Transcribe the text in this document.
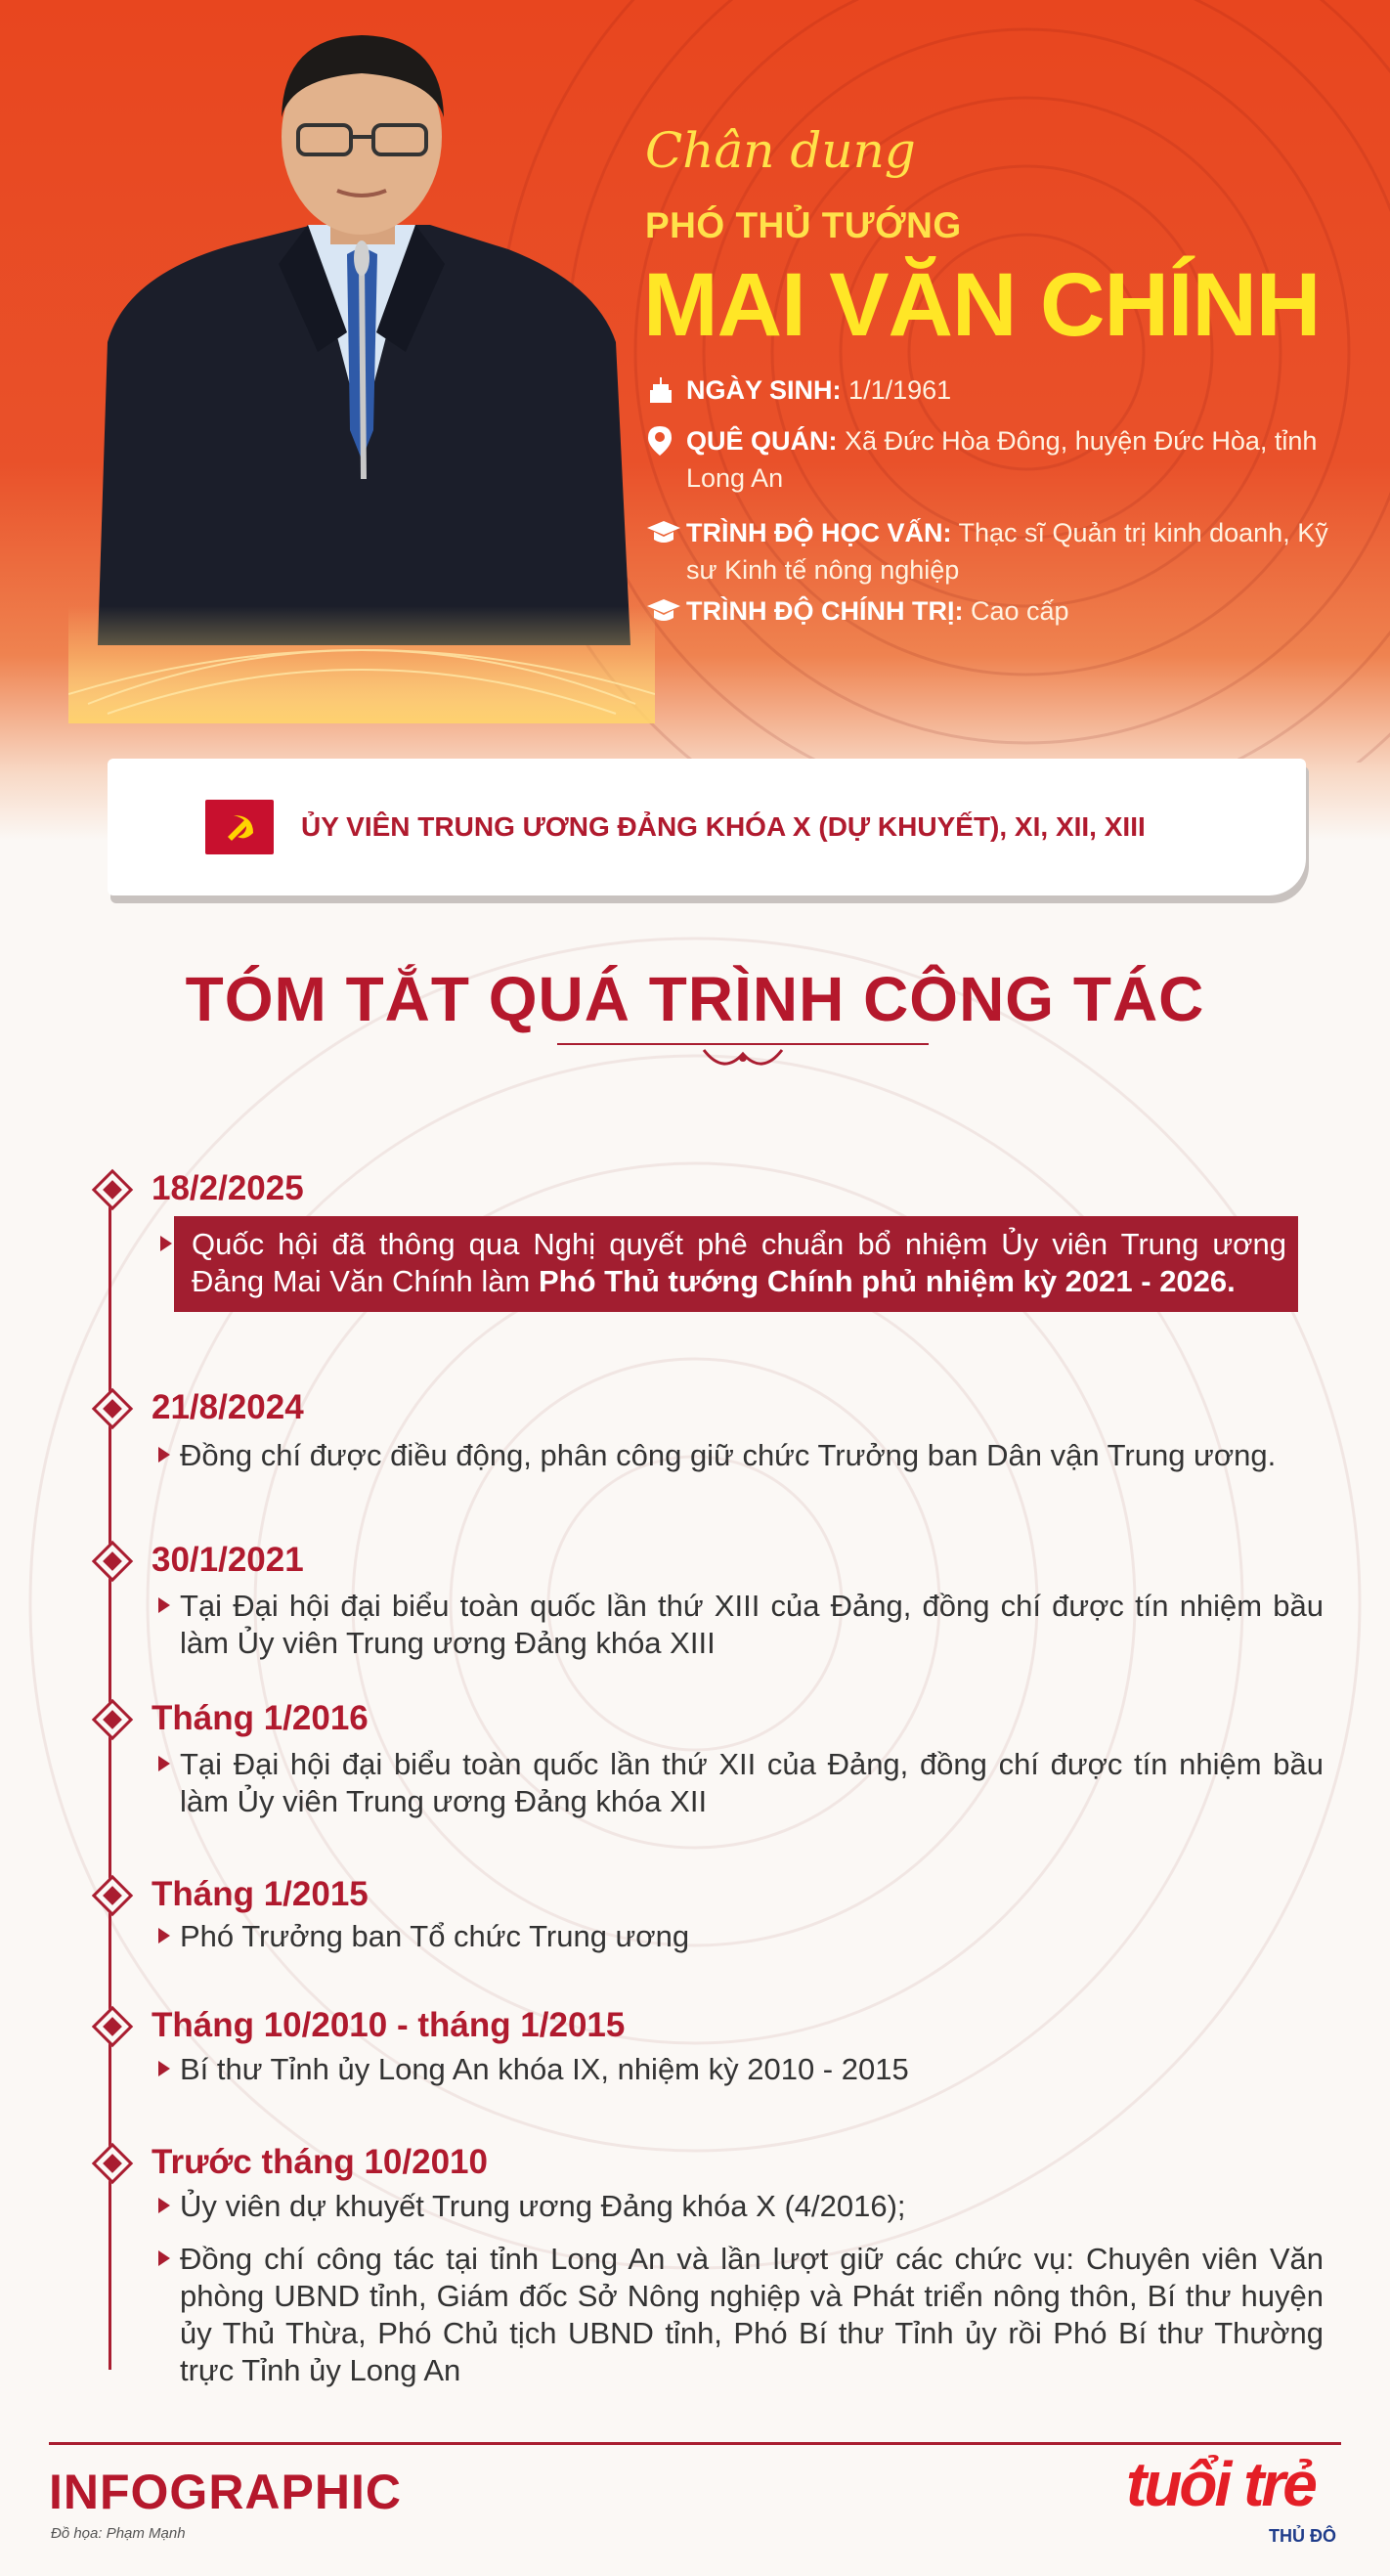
Chân dung
PHÓ THỦ TƯỚNG
MAI VĂN CHÍNH
NGÀY SINH: 1/1/1961
QUÊ QUÁN: Xã Đức Hòa Đông, huyện Đức Hòa, tỉnh Long An
TRÌNH ĐỘ HỌC VẤN: Thạc sĩ Quản trị kinh doanh, Kỹ sư Kinh tế nông nghiệp
TRÌNH ĐỘ CHÍNH TRỊ: Cao cấp
ỦY VIÊN TRUNG ƯƠNG ĐẢNG KHÓA X (DỰ KHUYẾT), XI, XII, XIII
TÓM TẮT QUÁ TRÌNH CÔNG TÁC
18/2/2025
Quốc hội đã thông qua Nghị quyết phê chuẩn bổ nhiệm Ủy viên Trung ương Đảng Mai Văn Chính làm Phó Thủ tướng Chính phủ nhiệm kỳ 2021 - 2026.
21/8/2024
Đồng chí được điều động, phân công giữ chức Trưởng ban Dân vận Trung ương.
30/1/2021
Tại Đại hội đại biểu toàn quốc lần thứ XIII của Đảng, đồng chí được tín nhiệm bầu làm Ủy viên Trung ương Đảng khóa XIII
Tháng 1/2016
Tại Đại hội đại biểu toàn quốc lần thứ XII của Đảng, đồng chí được tín nhiệm bầu làm Ủy viên Trung ương Đảng khóa XII
Tháng 1/2015
Phó Trưởng ban Tổ chức Trung ương
Tháng 10/2010 - tháng 1/2015
Bí thư Tỉnh ủy Long An khóa IX, nhiệm kỳ 2010 - 2015
Trước tháng 10/2010
Ủy viên dự khuyết Trung ương Đảng khóa X (4/2016);
Đồng chí công tác tại tỉnh Long An và lần lượt giữ các chức vụ: Chuyên viên Văn phòng UBND tỉnh, Giám đốc Sở Nông nghiệp và Phát triển nông thôn, Bí thư huyện ủy Thủ Thừa, Phó Chủ tịch UBND tỉnh, Phó Bí thư Tỉnh ủy rồi Phó Bí thư Thường trực Tỉnh ủy Long An
INFOGRAPHIC
Đồ họa: Phạm Mạnh
tuổi trẻ
THỦ ĐÔ
